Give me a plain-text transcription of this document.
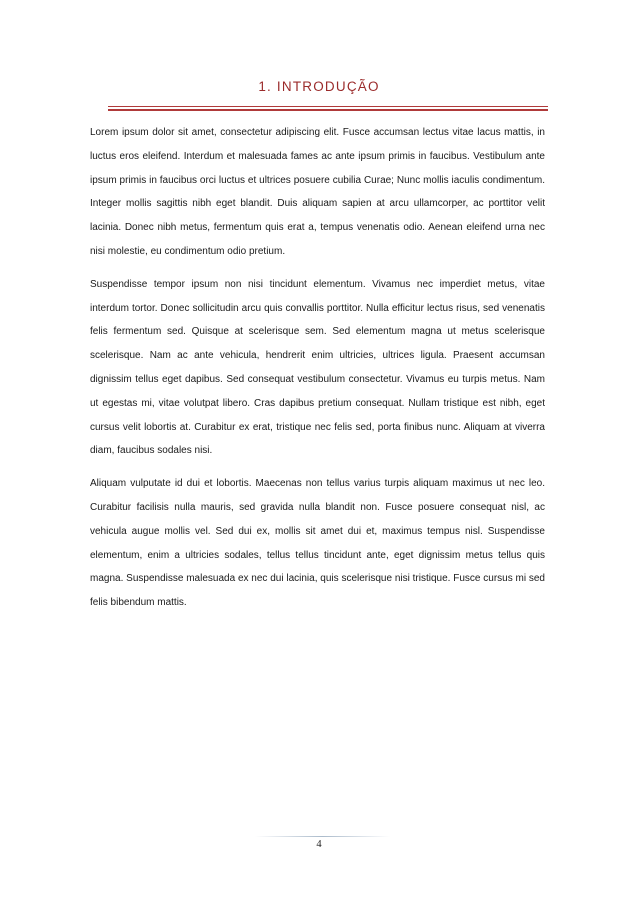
1. INTRODUÇÃO

Lorem ipsum dolor sit amet, consectetur adipiscing elit. Fusce accumsan lectus vitae lacus mattis, in luctus eros eleifend. Interdum et malesuada fames ac ante ipsum primis in faucibus. Vestibulum ante ipsum primis in faucibus orci luctus et ultrices posuere cubilia Curae; Nunc mollis iaculis condimentum. Integer mollis sagittis nibh eget blandit. Duis aliquam sapien at arcu ullamcorper, ac porttitor velit lacinia. Donec nibh metus, fermentum quis erat a, tempus venenatis odio. Aenean eleifend urna nec nisi molestie, eu condimentum odio pretium.

Suspendisse tempor ipsum non nisi tincidunt elementum. Vivamus nec imperdiet metus, vitae interdum tortor. Donec sollicitudin arcu quis convallis porttitor. Nulla efficitur lectus risus, sed venenatis felis fermentum sed. Quisque at scelerisque sem. Sed elementum magna ut metus scelerisque scelerisque. Nam ac ante vehicula, hendrerit enim ultricies, ultrices ligula. Praesent accumsan dignissim tellus eget dapibus. Sed consequat vestibulum consectetur. Vivamus eu turpis metus. Nam ut egestas mi, vitae volutpat libero. Cras dapibus pretium consequat. Nullam tristique est nibh, eget cursus velit lobortis at. Curabitur ex erat, tristique nec felis sed, porta finibus nunc. Aliquam at viverra diam, faucibus sodales nisi.

Aliquam vulputate id dui et lobortis. Maecenas non tellus varius turpis aliquam maximus ut nec leo. Curabitur facilisis nulla mauris, sed gravida nulla blandit non. Fusce posuere consequat nisl, ac vehicula augue mollis vel. Sed dui ex, mollis sit amet dui et, maximus tempus nisl. Suspendisse elementum, enim a ultricies sodales, tellus tellus tincidunt ante, eget dignissim metus tellus quis magna. Suspendisse malesuada ex nec dui lacinia, quis scelerisque nisi tristique. Fusce cursus mi sed felis bibendum mattis.

4
